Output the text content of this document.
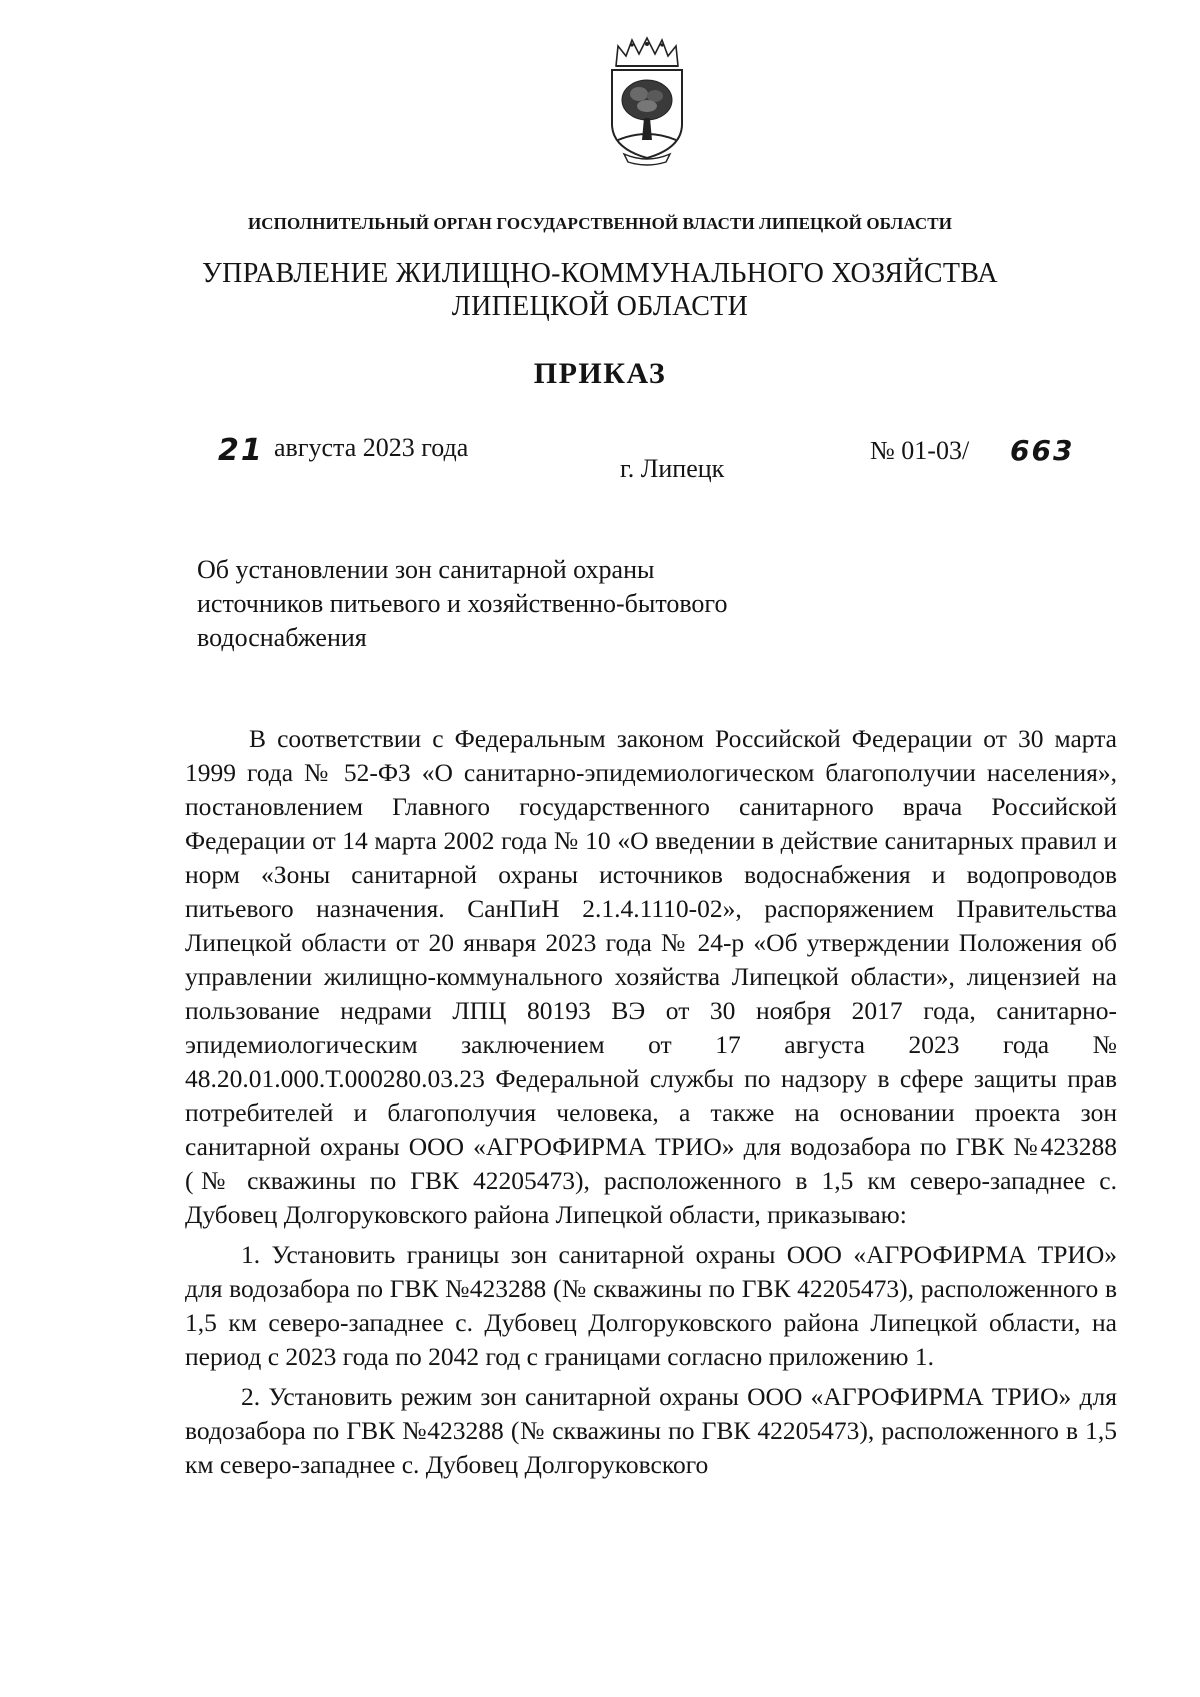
ИСПОЛНИТЕЛЬНЫЙ ОРГАН ГОСУДАРСТВЕННОЙ ВЛАСТИ ЛИПЕЦКОЙ ОБЛАСТИ
УПРАВЛЕНИЕ ЖИЛИЩНО-КОММУНАЛЬНОГО ХОЗЯЙСТВА
ЛИПЕЦКОЙ ОБЛАСТИ
ПРИКАЗ
21 августа 2023 года
г. Липецк
№ 01-03/ 663
Об установлении зон санитарной охраны
источников питьевого и хозяйственно-бытового
водоснабжения

В соответствии с Федеральным законом Российской Федерации от 30 марта 1999 года № 52-ФЗ «О санитарно-эпидемиологическом благополучии населения», постановлением Главного государственного санитарного врача Российской Федерации от 14 марта 2002 года № 10 «О введении в действие санитарных правил и норм «Зоны санитарной охраны источников водоснабжения и водопроводов питьевого назначения. СанПиН 2.1.4.1110-02», распоряжением Правительства Липецкой области от 20 января 2023 года № 24-р «Об утверждении Положения об управлении жилищно-коммунального хозяйства Липецкой области», лицензией на пользование недрами ЛПЦ 80193 ВЭ от 30 ноября 2017 года, санитарно-эпидемиологическим заключением от 17 августа 2023 года № 48.20.01.000.Т.000280.03.23 Федеральной службы по надзору в сфере защиты прав потребителей и благополучия человека, а также на основании проекта зон санитарной охраны ООО «АГРОФИРМА ТРИО» для водозабора по ГВК №423288 (№ скважины по ГВК 42205473), расположенного в 1,5 км северо-западнее с. Дубовец Долгоруковского района Липецкой области, приказываю:

1. Установить границы зон санитарной охраны ООО «АГРОФИРМА ТРИО» для водозабора по ГВК №423288 (№ скважины по ГВК 42205473), расположенного в 1,5 км северо-западнее с. Дубовец Долгоруковского района Липецкой области, на период с 2023 года по 2042 год с границами согласно приложению 1.

2. Установить режим зон санитарной охраны ООО «АГРОФИРМА ТРИО» для водозабора по ГВК №423288 (№ скважины по ГВК 42205473), расположенного в 1,5 км северо-западнее с. Дубовец Долгоруковского
